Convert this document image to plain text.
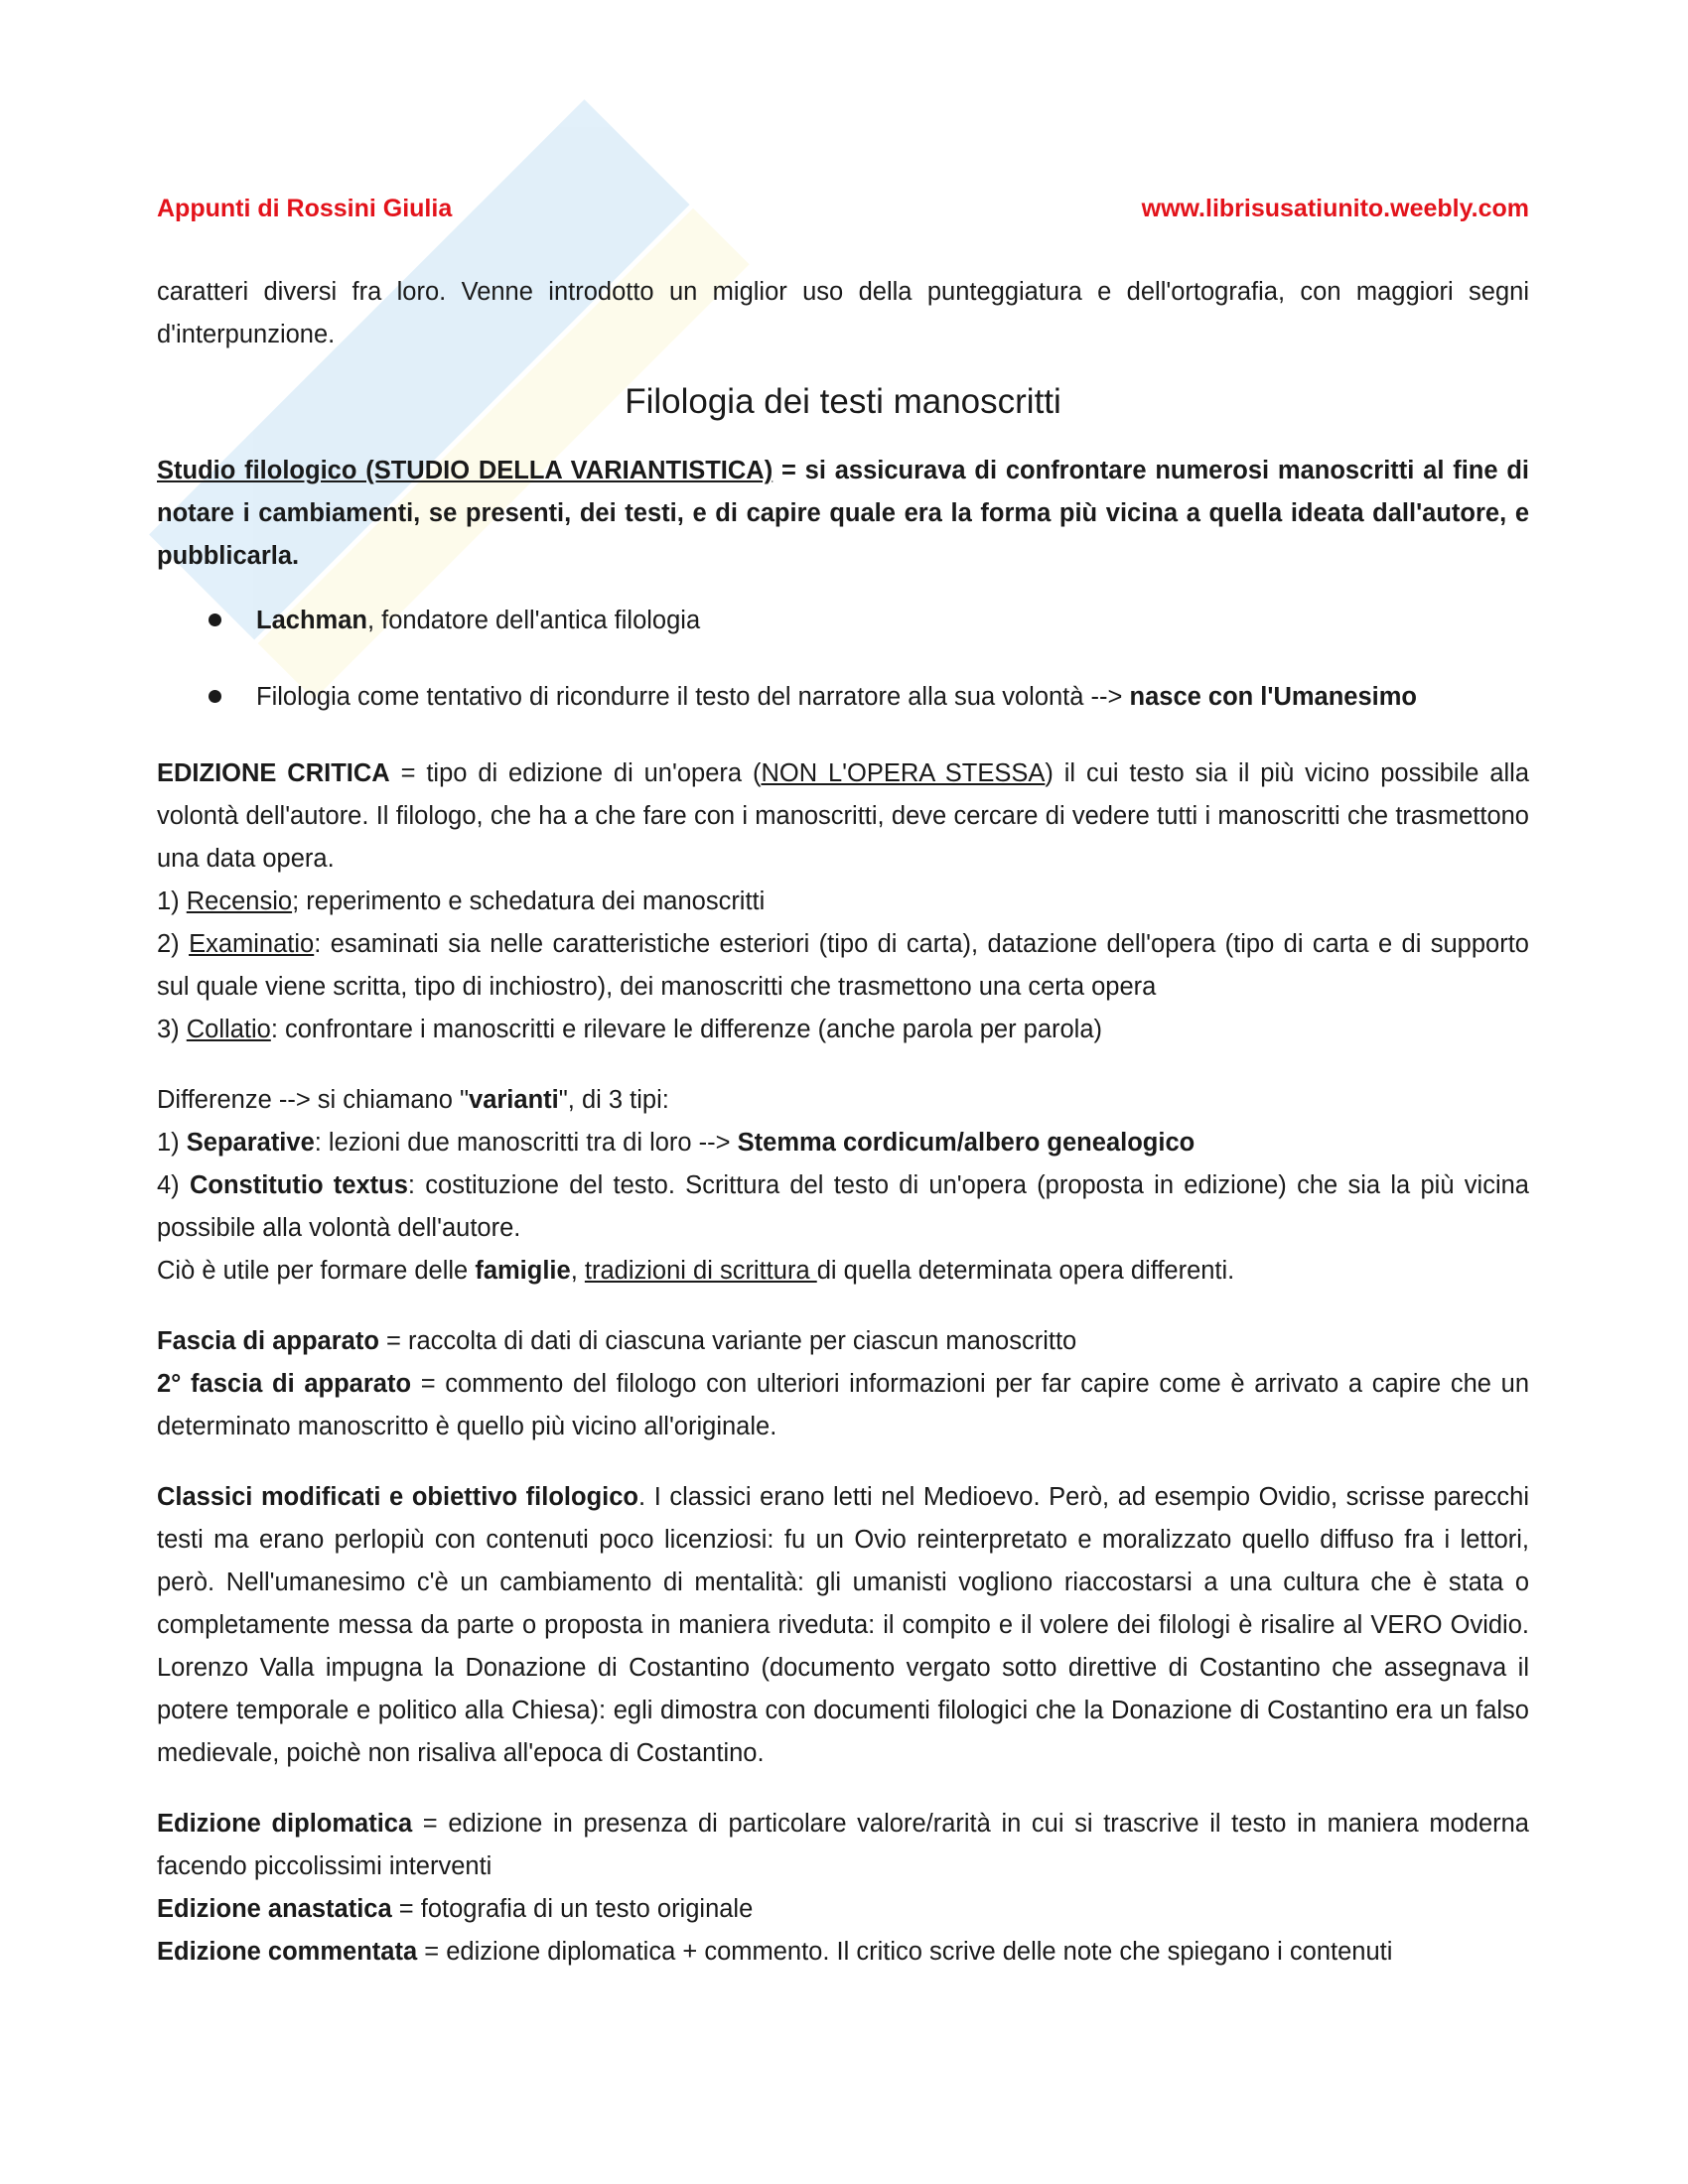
Appunti di Rossini Giulia	www.librisusatiunito.weebly.com

caratteri diversi fra loro. Venne introdotto un miglior uso della punteggiatura e dell'ortografia, con maggiori segni d'interpunzione.

Filologia dei testi manoscritti

Studio filologico (STUDIO DELLA VARIANTISTICA) = si assicurava di confrontare numerosi manoscritti al fine di notare i cambiamenti, se presenti, dei testi, e di capire quale era la forma più vicina a quella ideata dall'autore, e pubblicarla.

Lachman, fondatore dell'antica filologia
Filologia come tentativo di ricondurre il testo del narratore alla sua volontà --> nasce con l'Umanesimo

EDIZIONE CRITICA = tipo di edizione di un'opera (NON L'OPERA STESSA) il cui testo sia il più vicino possibile alla volontà dell'autore. Il filologo, che ha a che fare con i manoscritti, deve cercare di vedere tutti i manoscritti che trasmettono una data opera.

1) Recensio; reperimento e schedatura dei manoscritti

2) Examinatio: esaminati sia nelle caratteristiche esteriori (tipo di carta), datazione dell'opera (tipo di carta e di supporto sul quale viene scritta, tipo di inchiostro), dei manoscritti che trasmettono una certa opera

3) Collatio: confrontare i manoscritti e rilevare le differenze (anche parola per parola)

Differenze --> si chiamano "varianti", di 3 tipi:

1) Separative: lezioni due manoscritti tra di loro --> Stemma cordicum/albero genealogico

4) Constitutio textus: costituzione del testo. Scrittura del testo di un'opera (proposta in edizione) che sia la più vicina possibile alla volontà dell'autore.

Ciò è utile per formare delle famiglie, tradizioni di scrittura di quella determinata opera differenti.

Fascia di apparato = raccolta di dati di ciascuna variante per ciascun manoscritto

2° fascia di apparato = commento del filologo con ulteriori informazioni per far capire come è arrivato a capire che un determinato manoscritto è quello più vicino all'originale.

Classici modificati e obiettivo filologico. I classici erano letti nel Medioevo. Però, ad esempio Ovidio, scrisse parecchi testi ma erano perlopiù con contenuti poco licenziosi: fu un Ovio reinterpretato e moralizzato quello diffuso fra i lettori, però. Nell'umanesimo c'è un cambiamento di mentalità: gli umanisti vogliono riaccostarsi a una cultura che è stata o completamente messa da parte o proposta in maniera riveduta: il compito e il volere dei filologi è risalire al VERO Ovidio. Lorenzo Valla impugna la Donazione di Costantino (documento vergato sotto direttive di Costantino che assegnava il potere temporale e politico alla Chiesa): egli dimostra con documenti filologici che la Donazione di Costantino era un falso medievale, poichè non risaliva all'epoca di Costantino.

Edizione diplomatica = edizione in presenza di particolare valore/rarità in cui si trascrive il testo in maniera moderna facendo piccolissimi interventi

Edizione anastatica = fotografia di un testo originale

Edizione commentata = edizione diplomatica + commento. Il critico scrive delle note che spiegano i contenuti
